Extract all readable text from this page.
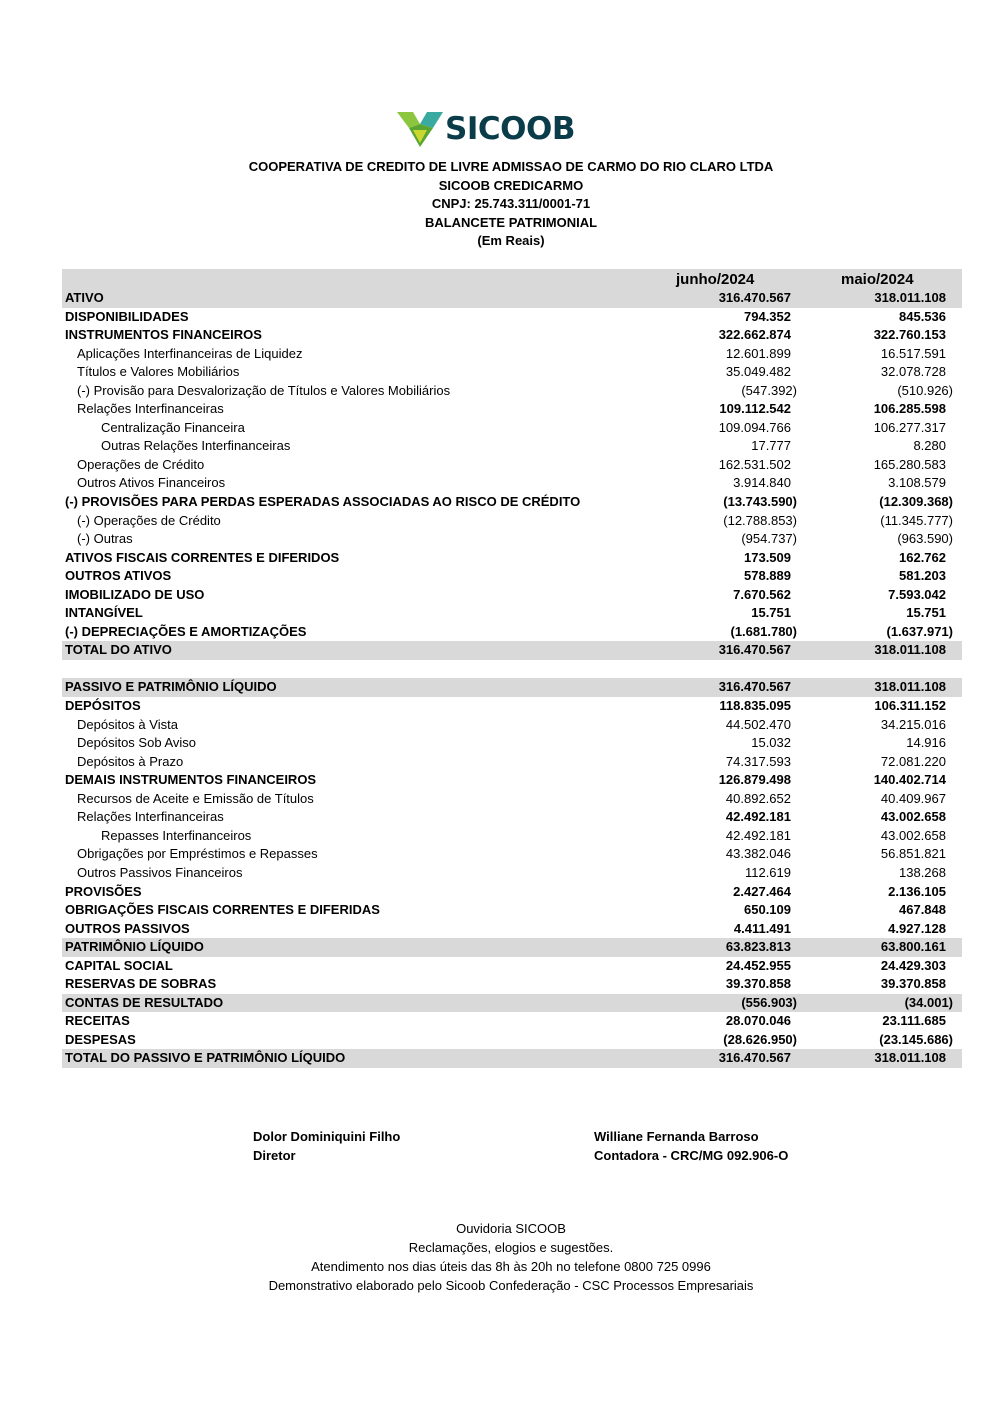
SICOOB
COOPERATIVA DE CREDITO DE LIVRE ADMISSAO DE CARMO DO RIO CLARO LTDA
SICOOB CREDICARMO
CNPJ: 25.743.311/0001-71
BALANCETE PATRIMONIAL
(Em Reais)
junho/2024	maio/2024
ATIVO	316.470.567	318.011.108
DISPONIBILIDADES	794.352	845.536
INSTRUMENTOS FINANCEIROS	322.662.874	322.760.153
Aplicações Interfinanceiras de Liquidez	12.601.899	16.517.591
Títulos e Valores Mobiliários	35.049.482	32.078.728
(-) Provisão para Desvalorização de Títulos e Valores Mobiliários	(547.392)	(510.926)
Relações Interfinanceiras	109.112.542	106.285.598
Centralização Financeira	109.094.766	106.277.317
Outras Relações Interfinanceiras	17.777	8.280
Operações de Crédito	162.531.502	165.280.583
Outros Ativos Financeiros	3.914.840	3.108.579
(-) PROVISÕES PARA PERDAS ESPERADAS ASSOCIADAS AO RISCO DE CRÉDITO	(13.743.590)	(12.309.368)
(-) Operações de Crédito	(12.788.853)	(11.345.777)
(-) Outras	(954.737)	(963.590)
ATIVOS FISCAIS CORRENTES E DIFERIDOS	173.509	162.762
OUTROS ATIVOS	578.889	581.203
IMOBILIZADO DE USO	7.670.562	7.593.042
INTANGÍVEL	15.751	15.751
(-) DEPRECIAÇÕES E AMORTIZAÇÕES	(1.681.780)	(1.637.971)
TOTAL DO ATIVO	316.470.567	318.011.108
PASSIVO E PATRIMÔNIO LÍQUIDO	316.470.567	318.011.108
DEPÓSITOS	118.835.095	106.311.152
Depósitos à Vista	44.502.470	34.215.016
Depósitos Sob Aviso	15.032	14.916
Depósitos à Prazo	74.317.593	72.081.220
DEMAIS INSTRUMENTOS FINANCEIROS	126.879.498	140.402.714
Recursos de Aceite e Emissão de Títulos	40.892.652	40.409.967
Relações Interfinanceiras	42.492.181	43.002.658
Repasses Interfinanceiros	42.492.181	43.002.658
Obrigações por Empréstimos e Repasses	43.382.046	56.851.821
Outros Passivos Financeiros	112.619	138.268
PROVISÕES	2.427.464	2.136.105
OBRIGAÇÕES FISCAIS CORRENTES E DIFERIDAS	650.109	467.848
OUTROS PASSIVOS	4.411.491	4.927.128
PATRIMÔNIO LÍQUIDO	63.823.813	63.800.161
CAPITAL SOCIAL	24.452.955	24.429.303
RESERVAS DE SOBRAS	39.370.858	39.370.858
CONTAS DE RESULTADO	(556.903)	(34.001)
RECEITAS	28.070.046	23.111.685
DESPESAS	(28.626.950)	(23.145.686)
TOTAL DO PASSIVO E PATRIMÔNIO LÍQUIDO	316.470.567	318.011.108
Dolor Dominiquini Filho
Diretor
Williane Fernanda Barroso
Contadora - CRC/MG 092.906-O
Ouvidoria SICOOB
Reclamações, elogios e sugestões.
Atendimento nos dias úteis das 8h às 20h no telefone 0800 725 0996
Demonstrativo elaborado pelo Sicoob Confederação - CSC Processos Empresariais
